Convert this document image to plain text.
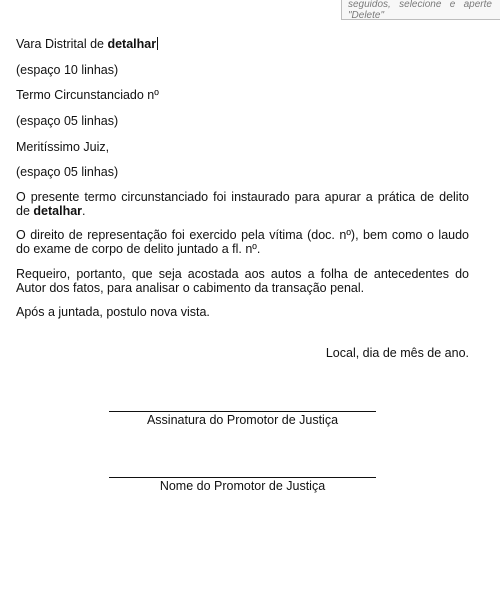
seguidos, selecione e aperte
"Delete"

Vara Distrital de detalhar

(espaço 10 linhas)

Termo Circunstanciado nº

(espaço 05 linhas)

Meritíssimo Juiz,

(espaço 05 linhas)

O presente termo circunstanciado foi instaurado para apurar a prática de delito de detalhar.

O direito de representação foi exercido pela vítima (doc. nº), bem como o laudo do exame de corpo de delito juntado a fl. nº.

Requeiro, portanto, que seja acostada aos autos a folha de antecedentes do Autor dos fatos, para analisar o cabimento da transação penal.

Após a juntada, postulo nova vista.

Local, dia de mês de ano.
Assinatura do Promotor de Justiça
Nome do Promotor de Justiça
